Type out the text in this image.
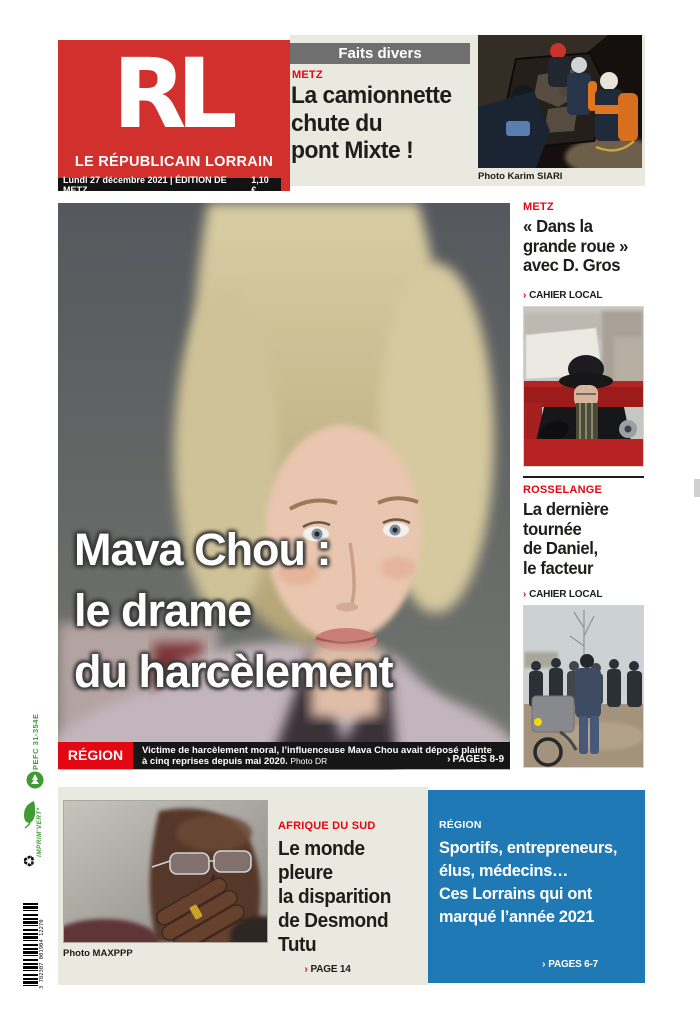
PEFC 31-354E
IMPRIM'VERT*
♻
3 782307 001904 12270
RL
LE RÉPUBLICAIN LORRAIN
Lundi 27 décembre 2021 | ÉDITION DE METZ
1,10 €
Faits divers
METZ
La camionnette
chute du
pont Mixte !
Photo Karim SIARI
METZ
« Dans la
grande roue »
avec D. Gros
› CAHIER LOCAL
ROSSELANGE
La dernière
tournée
de Daniel,
le facteur
› CAHIER LOCAL
Mava Chou :
le drame
du harcèlement
RÉGION	Victime de harcèlement moral, l’influenceuse Mava Chou avait déposé plainte
à cinq reprises depuis mai 2020. Photo DR	› PAGES 8-9
Photo MAXPPP
AFRIQUE DU SUD
Le monde
pleure
la disparition
de Desmond Tutu
› PAGE 14
RÉGION
Sportifs, entrepreneurs,
élus, médecins…
Ces Lorrains qui ont
marqué l’année 2021
› PAGES 6-7
